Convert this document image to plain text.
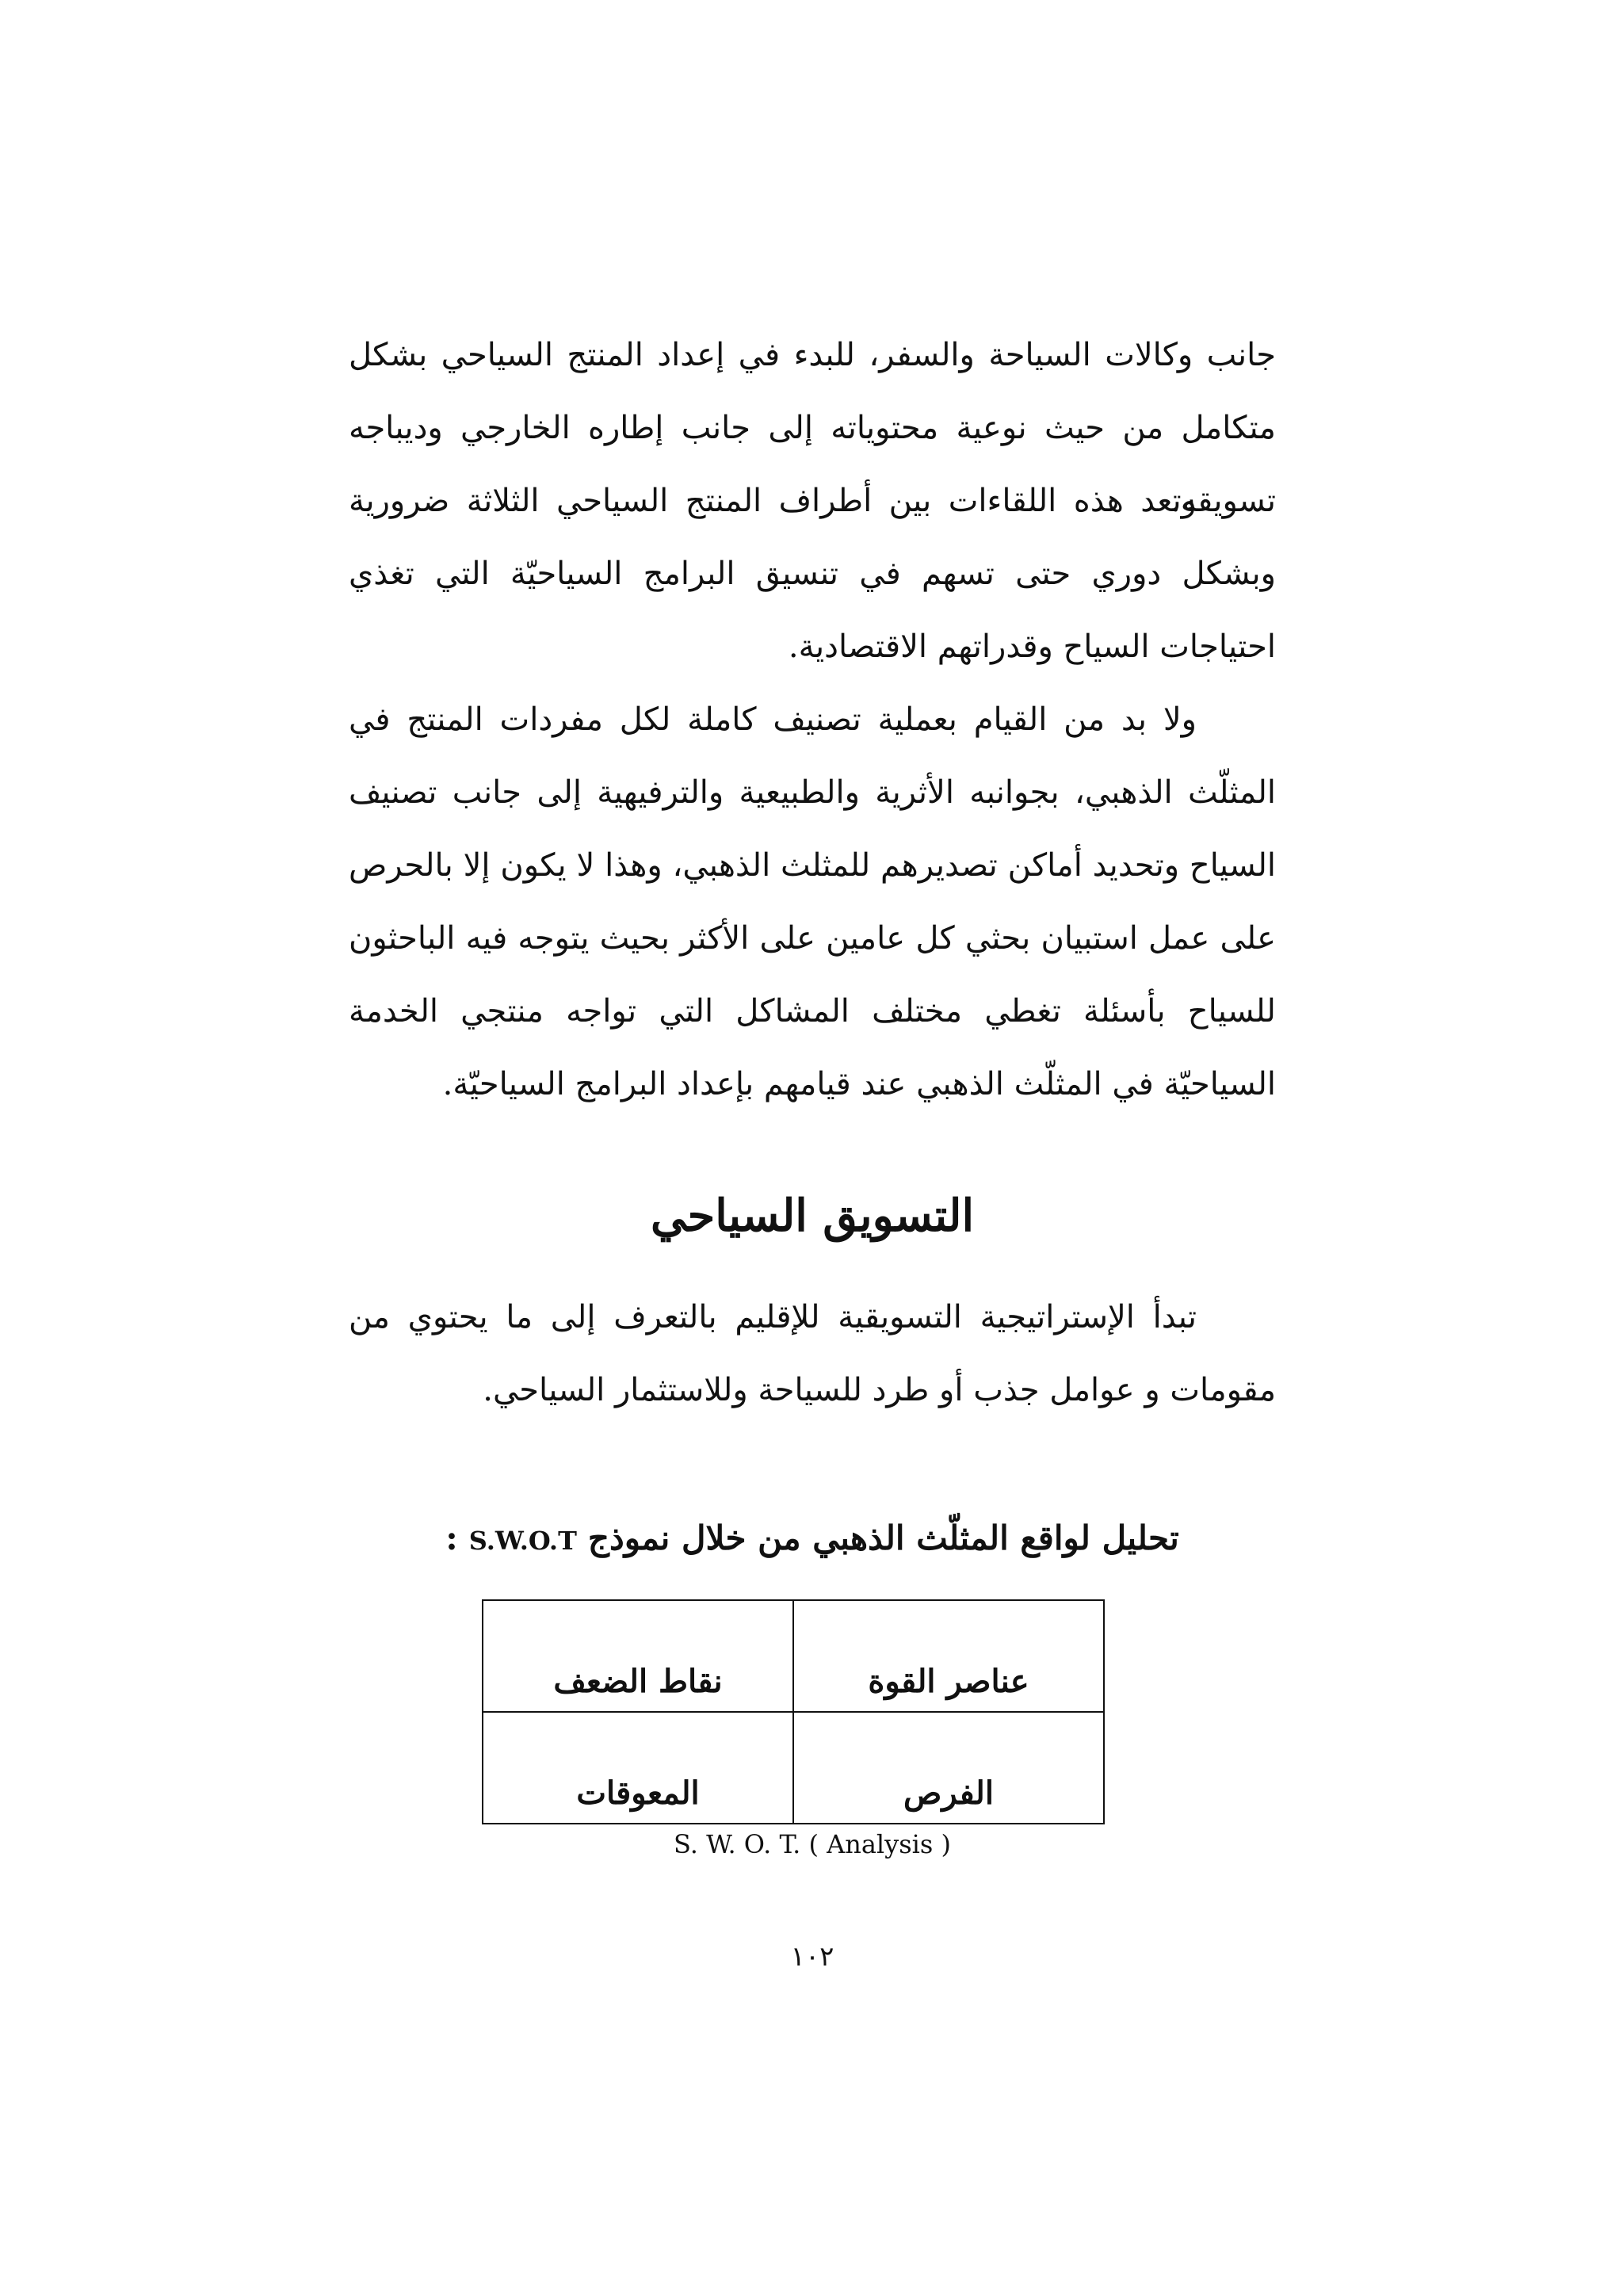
جانب وكالات السياحة والسفر، للبدء في إعداد المنتج السياحي بشكل متكامل من حيث نوعية محتوياته إلى جانب إطاره الخارجي وديباجه تسويقه.

وتعد هذه اللقاءات بين أطراف المنتج السياحي الثلاثة ضرورية وبشكل دوري حتى تسهم في تنسيق البرامج السياحيّة التي تغذي احتياجات السياح وقدراتهم الاقتصادية.

ولا بد من القيام بعملية تصنيف كاملة لكل مفردات المنتج في المثلّث الذهبي، بجوانبه الأثرية والطبيعية والترفيهية إلى جانب تصنيف السياح وتحديد أماكن تصديرهم للمثلث الذهبي، وهذا لا يكون إلا بالحرص على عمل استبيان بحثي كل عامين على الأكثر بحيث يتوجه فيه الباحثون للسياح بأسئلة تغطي مختلف المشاكل التي تواجه منتجي الخدمة السياحيّة في المثلّث الذهبي عند قيامهم بإعداد البرامج السياحيّة.

التسويق السياحي

تبدأ الإستراتيجية التسويقية للإقليم بالتعرف إلى ما يحتوي من مقومات و عوامل جذب أو طرد للسياحة وللاستثمار السياحي.

تحليل لواقع المثلّث الذهبي من خلال نموذجS.W.O.T:

عناصر القوة	نقاط الضعف
الفرص	المعوقات

S. W. O. T. ( Analysis )

١٠٢
